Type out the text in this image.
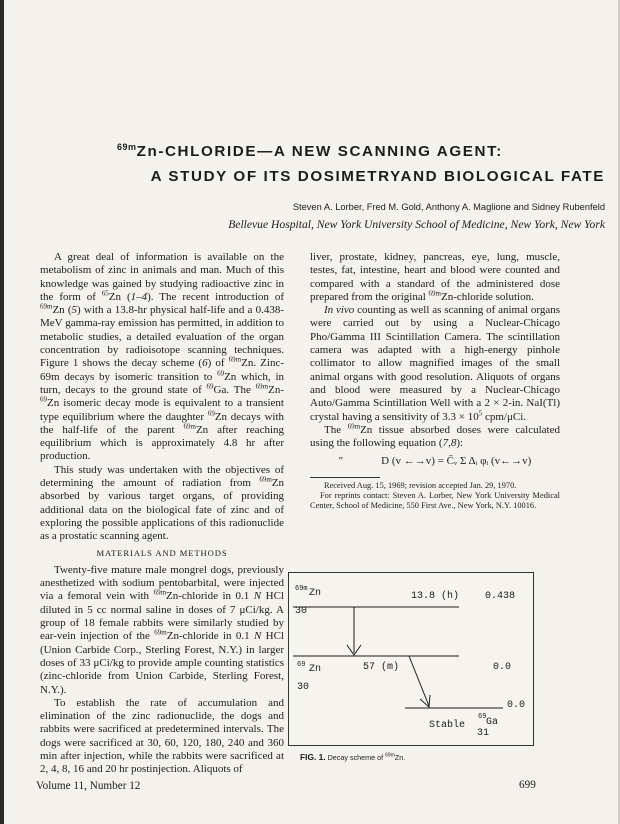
$^{69m}$Zn-CHLORIDE—A NEW SCANNING AGENT:
A STUDY OF ITS DOSIMETRYAND BIOLOGICAL FATE
Steven A. Lorber, Fred M. Gold, Anthony A. Maglione and Sidney Rubenfeld
Bellevue Hospital, New York University School of Medicine, New York, New York

A great deal of information is available on the metabolism of zinc in animals and man. Much of this knowledge was gained by studying radioactive zinc in the form of $^{65}$Zn (1–4). The recent introduction of $^{69m}$Zn (5) with a 13.8-hr physical half-life and a 0.438-MeV gamma-ray emission has permitted, in addition to metabolic studies, a detailed evaluation of the organ concentration by radioisotope scanning techniques. Figure 1 shows the decay scheme (6) of $^{69m}$Zn. Zinc-69m decays by isomeric transition to $^{69}$Zn which, in turn, decays to the ground state of $^{69}$Ga. The $^{69m}$Zn-$^{69}$Zn isomeric decay mode is equivalent to a transient type equilibrium where the daughter $^{69}$Zn decays with the half-life of the parent $^{69m}$Zn after reaching equilibrium which is approximately 4.8 hr after production.

This study was undertaken with the objectives of determining the amount of radiation from $^{69m}$Zn absorbed by various target organs, of providing additional data on the biological fate of zinc and of exploring the possible applications of this radionuclide as a prostatic scanning agent.

MATERIALS AND METHODS

Twenty-five mature male mongrel dogs, previously anesthetized with sodium pentobarbital, were injected via a femoral vein with $^{69m}$Zn-chloride in 0.1 N HCl diluted in 5 cc normal saline in doses of 7 μCi/kg. A group of 18 female rabbits were similarly studied by ear-vein injection of the $^{69m}$Zn-chloride in 0.1 N HCl (Union Carbide Corp., Sterling Forest, N.Y.) in larger doses of 33 μCi/kg to provide ample counting statistics (zinc-chloride from Union Carbide, Sterling Forest, N.Y.).

To establish the rate of accumulation and elimination of the zinc radionuclide, the dogs and rabbits were sacrificed at predetermined intervals. The dogs were sacrificed at 30, 60, 120, 180, 240 and 360 min after injection, while the rabbits were sacrificed at 2, 4, 8, 16 and 20 hr postinjection. Aliquots of

liver, prostate, kidney, pancreas, eye, lung, muscle, testes, fat, intestine, heart and blood were counted and compared with a standard of the administered dose prepared from the original $^{69m}$Zn-chloride solution.

In vivo counting as well as scanning of animal organs were carried out by using a Nuclear-Chicago Pho/Gamma III Scintillation Camera. The scintillation camera was adapted with a high-energy pinhole collimator to allow magnified images of the small animal organs with good resolution. Aliquots of organs and blood were measured by a Nuclear-Chicago Auto/Gamma Scintillation Well with a 2 × 2-in. NaI(Tl) crystal having a sensitivity of $3.3 \times 10^5$ cpm/μCi.

The $^{69m}$Zn tissue absorbed doses were calculated using the following equation (7,8):

"	D (v ←→v) = C̄ᵥ Σ Δᵢ φᵢ (v←→v)

Received Aug. 15, 1969; revision accepted Jan. 29, 1970.

For reprints contact: Steven A. Lorber, New York University Medical Center, School of Medicine, 550 First Ave., New York, N.Y. 10016.

69m Zn
30
13.8 (h)	0.438
69 Zn
30
57 (m)	0.0
0.0
Stable
69 Ga
31
FIG. 1. Decay scheme of $^{69m}$Zn.
Volume 11, Number 12	699
